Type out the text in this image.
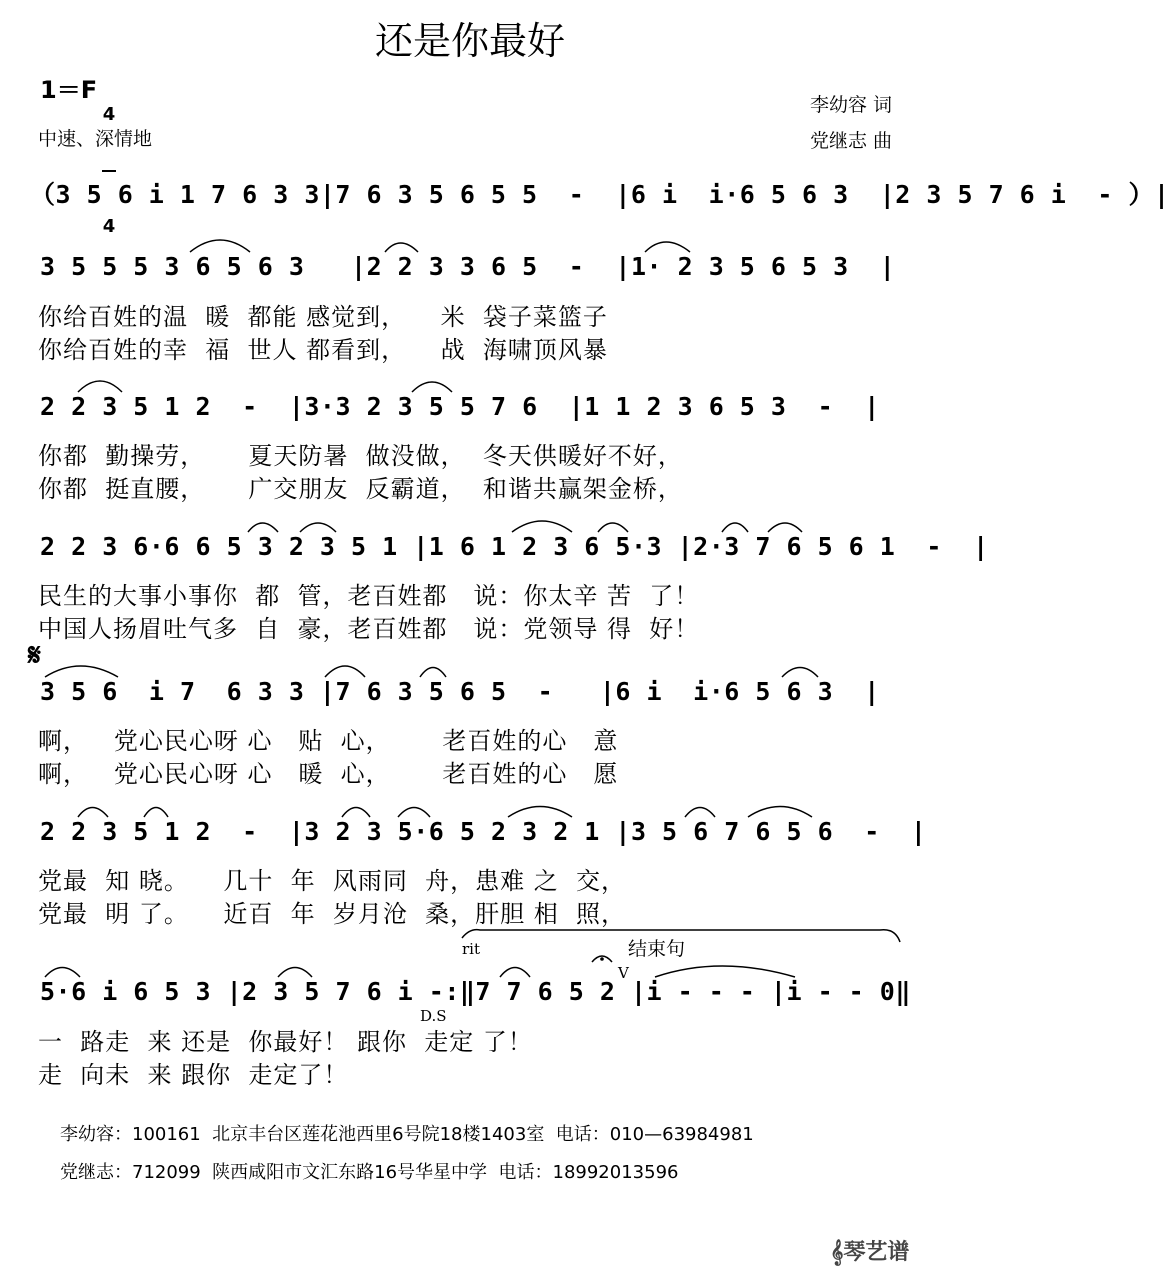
还是你最好
1＝F

4

4

李幼容 词
党继志 曲
中速、深情地
（3 5 6 i 1 7 6 3 3|7 6 3 5 6 5 5  -  |6 i  i·6 5 6 3  |2 3 5 7 6 i  - ）|
3 5 5 5 3 6 5 6 3   |2 2 3 3 6 5  -  |1· 2 3 5 6 5 3  |
你给百姓的温  暖  都能 感觉到，    米  袋子菜篮子
你给百姓的幸  福  世人 都看到，    战  海啸顶风暴
2 2 3 5 1 2  -  |3·3 2 3 5 5 7 6  |1 1 2 3 6 5 3  -  |
你都  勤操劳，     夏天防暑  做没做，  冬天供暖好不好，
你都  挺直腰，     广交朋友  反霸道，  和谐共赢架金桥，
2 2 3 6·6 6 5 3 2 3 5 1 |1 6 1 2 3 6 5·3 |2·3 7 6 5 6 1  -  |
民生的大事小事你  都  管，老百姓都   说：你太辛 苦  了！
中国人扬眉吐气多  自  豪，老百姓都   说：党领导 得  好！
𝄋
3 5 6  i 7  6 3 3 |7 6 3 5 6 5  -   |6 i  i·6 5 6 3  |
啊，   党心民心呀 心   贴  心，      老百姓的心   意
啊，   党心民心呀 心   暖  心，      老百姓的心   愿
2 2 3 5 1 2  -  |3 2 3 5·6 5 2 3 2 1 |3 5 6 7 6 5 6  -  |
党最  知 晓。    几十  年  风雨同  舟，患难 之  交，
党最  明 了。    近百  年  岁月沧  桑，肝胆 相  照，
rit	结束句
V
5·6 i 6 5 3 |2 3 5 7 6 i -:‖7 7 6 5 2 |i - - - |i - - 0‖
D.S
一  路走  来 还是  你最好！ 跟你  走定 了！
走  向未  来 跟你  走定了！
李幼容：100161  北京丰台区莲花池西里6号院18楼1403室  电话：010—63984981
党继志：712099  陕西咸阳市文汇东路16号华星中学  电话：18992013596

𝄞琴艺谱
